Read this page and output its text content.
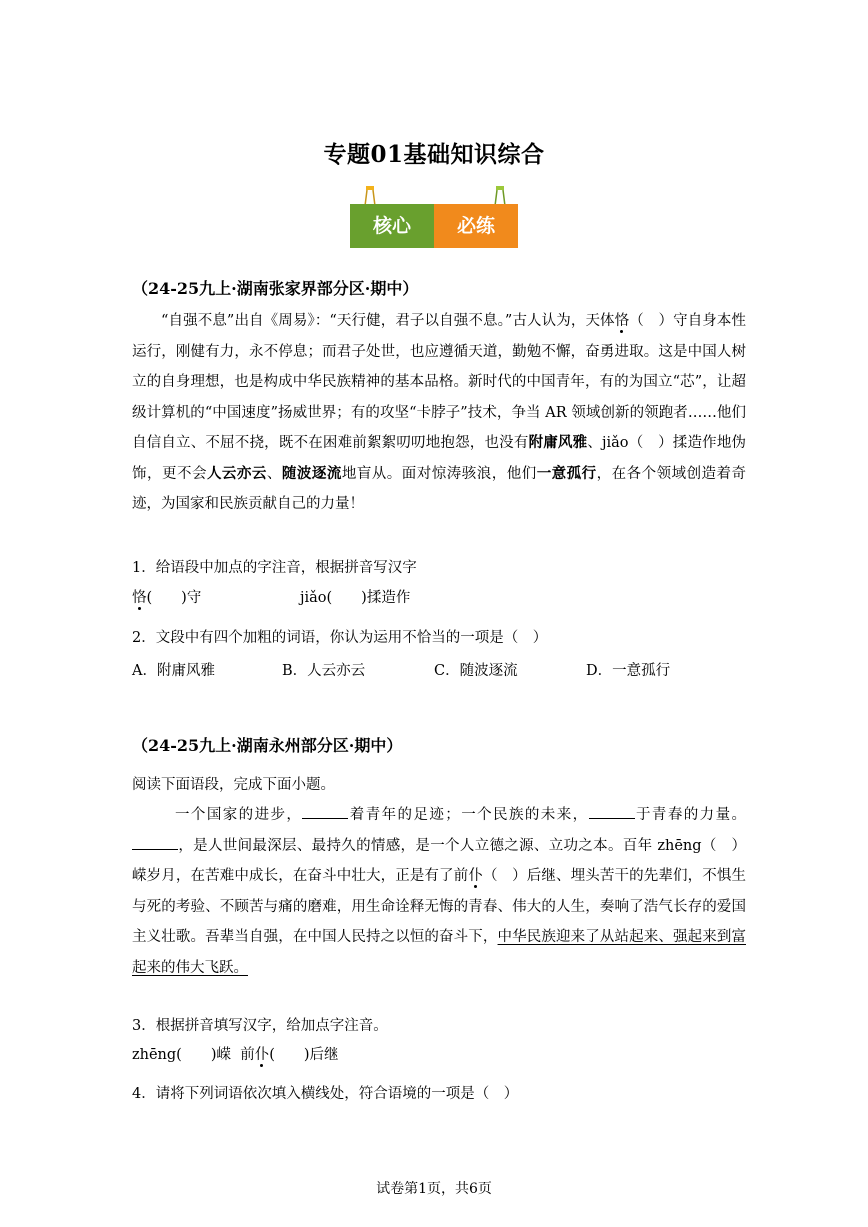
专题01基础知识综合
核心	必练
（24-25九上·湖南张家界部分区·期中）
“自强不息”出自《周易》：“天行健，君子以自强不息。”古人认为，天体恪（　）守自身本性运行，刚健有力，永不停息；而君子处世，也应遵循天道，勤勉不懈，奋勇进取。这是中国人树立的自身理想，也是构成中华民族精神的基本品格。新时代的中国青年，有的为国立“芯”，让超级计算机的“中国速度”扬威世界；有的攻坚“卡脖子”技术，争当 AR 领域创新的领跑者……他们自信自立、不屈不挠，既不在困难前絮絮叨叨地抱怨，也没有附庸风雅、jiǎo（　）揉造作地伪饰，更不会人云亦云、随波逐流地盲从。面对惊涛骇浪，他们一意孤行，在各个领域创造着奇迹，为国家和民族贡献自己的力量！
1．给语段中加点的字注音，根据拼音写汉字
恪(　　)守	jiǎo(　　)揉造作
2．文段中有四个加粗的词语，你认为运用不恰当的一项是（　）
A．附庸风雅	B．人云亦云	C．随波逐流	D．一意孤行
（24-25九上·湖南永州部分区·期中）
阅读下面语段，完成下面小题。
一个国家的进步，	着青年的足迹；一个民族的未来，	于青春的力量。，是人世间最深层、最持久的情感，是一个人立德之源、立功之本。百年 zhēng（　）嵘岁月，在苦难中成长，在奋斗中壮大，正是有了前仆（　）后继、埋头苦干的先辈们，不惧生与死的考验、不顾苦与痛的磨难，用生命诠释无悔的青春、伟大的人生，奏响了浩气长存的爱国主义壮歌。吾辈当自强，在中国人民持之以恒的奋斗下，中华民族迎来了从站起来、强起来到富起来的伟大飞跃。
3．根据拼音填写汉字，给加点字注音。
zhēng(　　)嵘 前仆(　　)后继
4．请将下列词语依次填入横线处，符合语境的一项是（　）
试卷第1页，共6页
